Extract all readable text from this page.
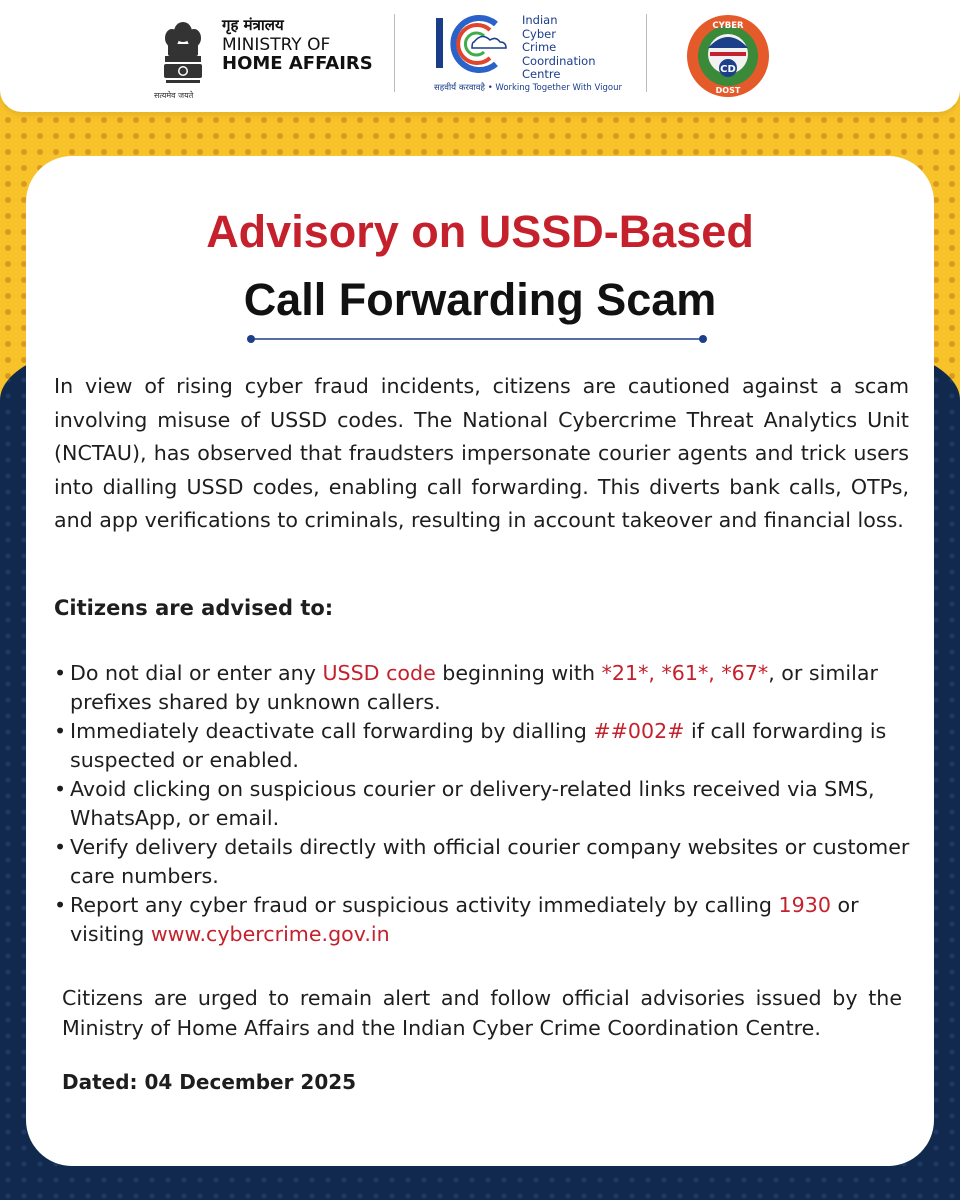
सत्यमेव जयते
गृह मंत्रालय
MINISTRY OF
HOME AFFAIRS
Indian
Cyber
Crime
Coordination
Centre
सहवीर्यं करवावहै • Working Together With Vigour
CD
CYBER
DOST
Advisory on USSD-Based
Call Forwarding Scam

In view of rising cyber fraud incidents, citizens are cautioned against a scam involving misuse of USSD codes. The National Cybercrime Threat Analytics Unit (NCTAU), has observed that fraudsters impersonate courier agents and trick users into dialling USSD codes, enabling call forwarding. This diverts bank calls, OTPs, and app verifications to criminals, resulting in account takeover and financial loss.

Citizens are advised to:
• Do not dial or enter any USSD code beginning with *21*, *61*, *67*, or similar prefixes shared by unknown callers.
• Immediately deactivate call forwarding by dialling ##002# if call forwarding is suspected or enabled.
• Avoid clicking on suspicious courier or delivery-related links received via SMS, WhatsApp, or email.
• Verify delivery details directly with official courier company websites or customer care numbers.
• Report any cyber fraud or suspicious activity immediately by calling 1930 or visiting www.cybercrime.gov.in

Citizens are urged to remain alert and follow official advisories issued by the Ministry of Home Affairs and the Indian Cyber Crime Coordination Centre.

Dated: 04 December 2025
